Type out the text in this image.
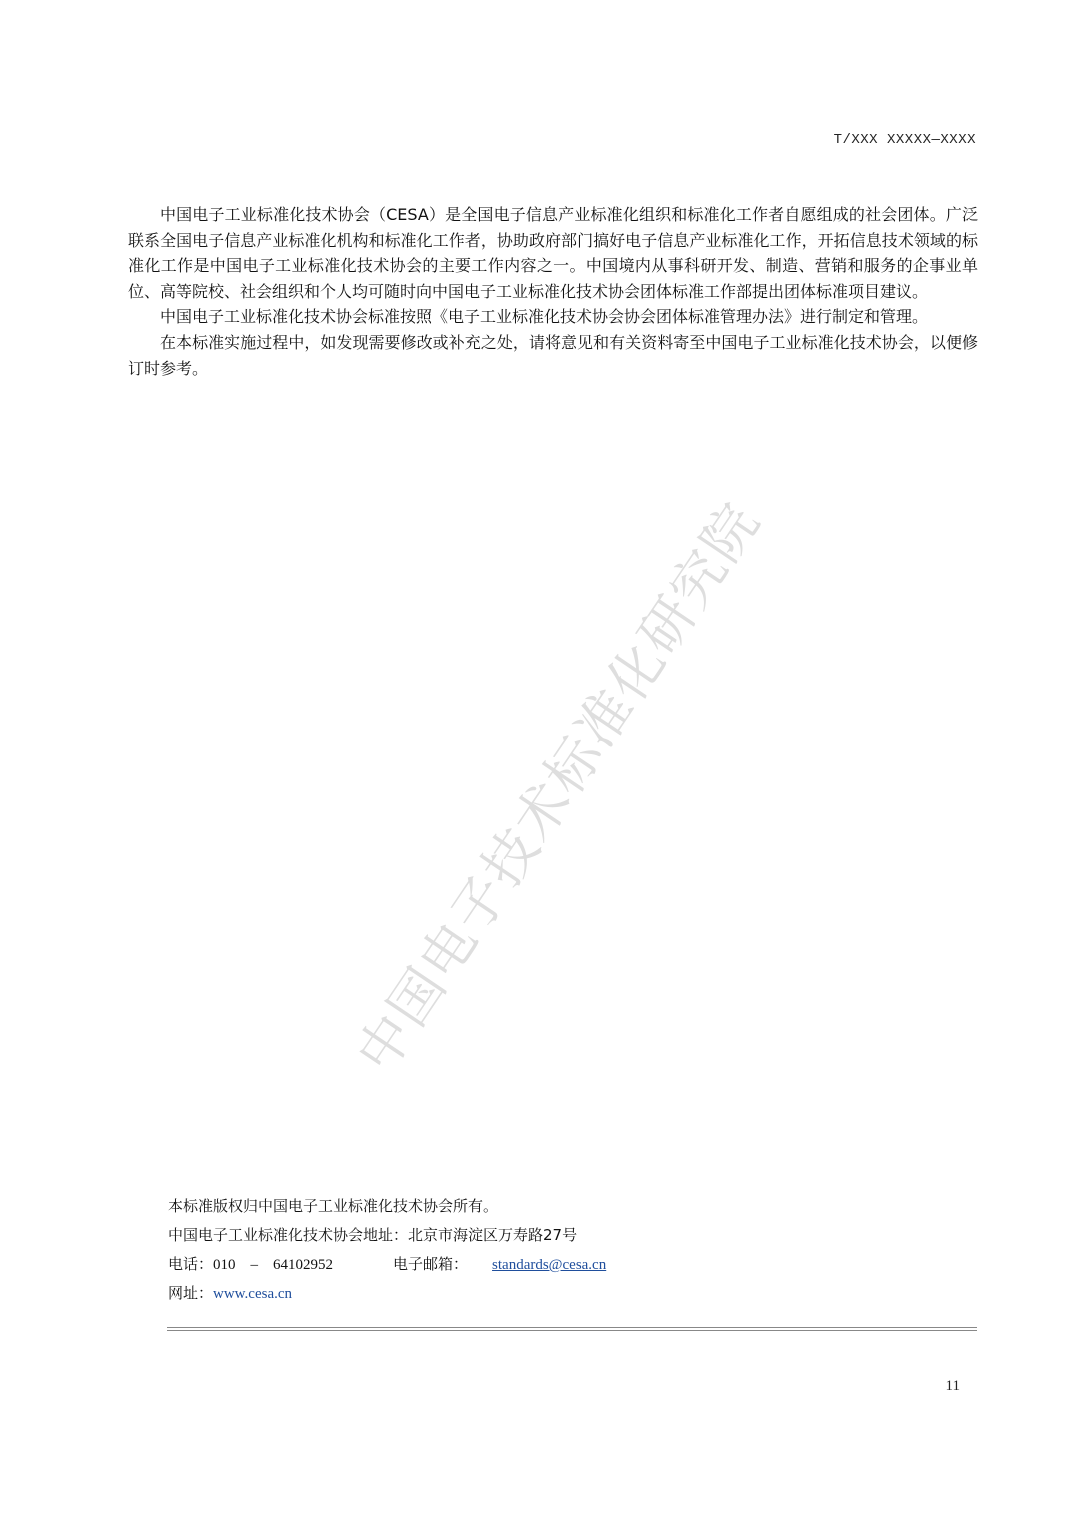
T/XXX XXXXX—XXXX

中国电子工业标准化技术协会（CESA）是全国电子信息产业标准化组织和标准化工作者自愿组成的社会团体。广泛联系全国电子信息产业标准化机构和标准化工作者，协助政府部门搞好电子信息产业标准化工作，开拓信息技术领域的标准化工作是中国电子工业标准化技术协会的主要工作内容之一。中国境内从事科研开发、制造、营销和服务的企事业单位、高等院校、社会组织和个人均可随时向中国电子工业标准化技术协会团体标准工作部提出团体标准项目建议。

中国电子工业标准化技术协会标准按照《电子工业标准化技术协会协会团体标准管理办法》进行制定和管理。

在本标准实施过程中，如发现需要修改或补充之处，请将意见和有关资料寄至中国电子工业标准化技术协会，以便修订时参考。

中国电子技术标准化研究院
本标准版权归中国电子工业标准化技术协会所有。
中国电子工业标准化技术协会地址：北京市海淀区万寿路27号
电话：010　–　64102952	电子邮箱： standards@cesa.cn
网址：www.cesa.cn
11
